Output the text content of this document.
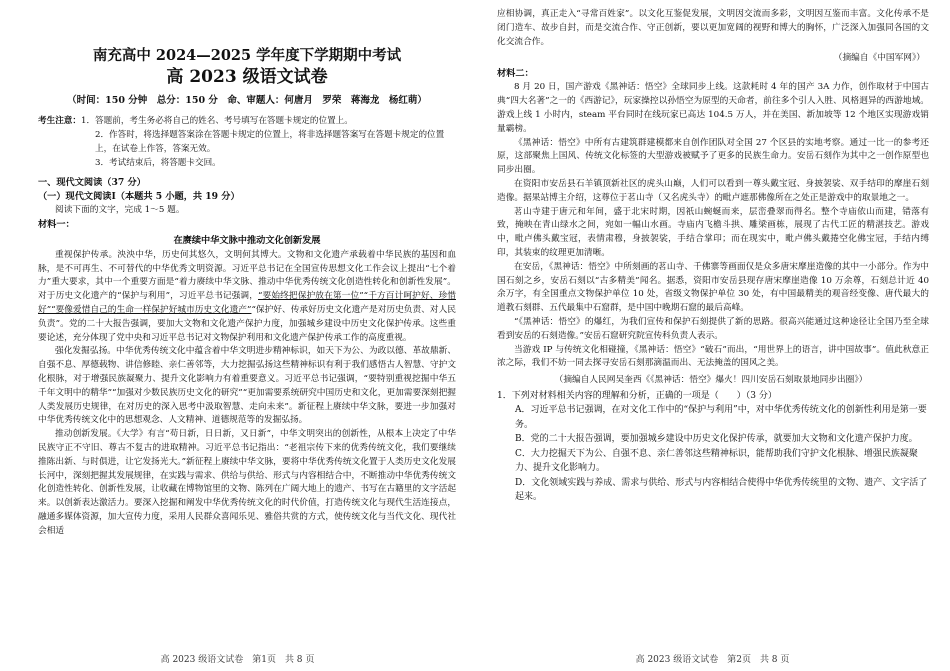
南充高中 2024—2025 学年度下学期期中考试

高 2023 级语文试卷

（时间：150 分钟　总分：150 分　命、审题人：何唐月　罗荣　蒋海龙　杨红萌）

考生注意：1．答题前，考生务必将自己的姓名、考号填写在答题卡规定的位置上。
2．作答时，将选择题答案涂在答题卡规定的位置上，将非选择题答案写在答题卡规定的位置上，在试卷上作答，答案无效。
3．考试结束后，将答题卡交回。

一、现代文阅读（37 分）

（一）现代文阅读Ⅰ（本题共 5 小题，共 19 分）

阅读下面的文字，完成 1～5 题。

材料一：

在赓续中华文脉中推动文化创新发展

重视保护传承。泱泱中华，历史何其悠久，文明何其博大。文物和文化遗产承载着中华民族的基因和血脉，是不可再生、不可替代的中华优秀文明资源。习近平总书记在全国宣传思想文化工作会议上提出“七个着力”重大要求，其中一个重要方面是“着力赓续中华文脉、推动中华优秀传统文化创造性转化和创新性发展”。对于历史文化遗产的“保护与利用”，习近平总书记强调，“要始终把保护放在第一位”“千方百计呵护好、珍惜好”“要像爱惜自己的生命一样保护好城市历史文化遗产”“保护好、传承好历史文化遗产是对历史负责、对人民负责”。党的二十大报告强调，要加大文物和文化遗产保护力度，加强城乡建设中历史文化保护传承。这些重要论述，充分体现了党中央和习近平总书记对文物保护利用和文化遗产保护传承工作的高度重视。

强化发掘弘扬。中华优秀传统文化中蕴含着中华文明进步精神标识，如天下为公、为政以德、革故鼎新、自强不息、厚德载物、讲信修睦、亲仁善邻等，大力挖掘弘扬这些精神标识有利于我们感悟古人智慧、守护文化根脉，对于增强民族凝聚力、提升文化影响力有着重要意义。习近平总书记强调，“要特别重视挖掘中华五千年文明中的精华”“加强对少数民族历史文化的研究”“更加需要系统研究中国历史和文化，更加需要深刻把握人类发展历史规律，在对历史的深入思考中汲取智慧、走向未来”。新征程上赓续中华文脉，要进一步加强对中华优秀传统文化中的思想观念、人文精神、道德规范等的发掘弘扬。

推动创新发展。《大学》有言“苟日新，日日新，又日新”，中华文明突出的创新性，从根本上决定了中华民族守正不守旧、尊古不复古的进取精神。习近平总书记指出：“老祖宗传下来的优秀传统文化，我们要继续推陈出新、与时俱进，让它发扬光大。”新征程上赓续中华文脉，要将中华优秀传统文化置于人类历史文化发展长河中，深刻把握其发展规律，在实践与需求、供给与供给、形式与内容相结合中，不断推动中华优秀传统文化创造性转化、创新性发展，让收藏在博物馆里的文物、陈列在广阔大地上的遗产、书写在古籍里的文字活起来。以创新表达激活力。要深入挖掘和阐发中华优秀传统文化的时代价值，打造传统文化与现代生活连接点，融通多媒体资源，加大宣传力度，采用人民群众喜闻乐见、雅俗共赏的方式，使传统文化与当代文化、现代社会相适

高 2023 级语文试卷　第1页　共 8 页

应相协调，真正走入“寻常百姓家”。以文化互鉴促发展，文明因交流而多彩，文明因互鉴而丰富。文化传承不是闭门造车、故步自封，而是交流合作、守正创新，要以更加宽阔的视野和博大的胸怀，广泛深入加强同各国的文化交流合作。

（摘编自《中国军网》）

材料二：

8 月 20 日，国产游戏《黑神话：悟空》全球同步上线。这款耗时 4 年的国产 3A 力作，创作取材于中国古典“四大名著”之一的《西游记》，玩家操控以孙悟空为原型的天命者，前往多个引人入胜、风格迥异的西游地域。游戏上线 1 小时内，steam 平台同时在线玩家已高达 104.5 万人，并在美国、新加坡等 12 个地区实现游戏销量霸榜。

《黑神话：悟空》中所有古建筑群建模都来自创作团队对全国 27 个区县的实地考察。通过一比一的参考还原，这部聚焦上国风、传统文化标签的大型游戏被赋予了更多的民族生命力。安岳石刻作为其中之一创作原型也同步出圈。

在资阳市安岳县石羊镇顶新社区的虎头山巅，人们可以看到一尊头戴宝冠、身披袈裟、双手结印的摩崖石刻造像。据果站博主介绍，这尊位于茗山寺（又名虎头寺）的毗卢遮那佛像所在之处正是游戏中的取景地之一。

茗山寺建于唐元和年间，盛于北宋时期，因祇山蜿蜒而来，层峦叠翠而得名。整个寺庙依山而建，错落有致，掩映在青山绿水之间，宛如一幅山水画。寺庙内飞檐斗拱、雕梁画栋，展现了古代工匠的精湛技艺。游戏中，毗卢佛头戴宝冠，表情肃穆，身披袈裟，手结合掌印；而在现实中，毗卢佛头戴捲空化佛宝冠，手结内缚印，其装束的纹理更加清晰。

在安岳，《黑神话：悟空》中所刻画的茗山寺、千佛寨等画面仅是众多唐宋摩崖造像的其中一小部分。作为中国石刻之乡，安岳石刻以“古多精美”闻名。据悉，资阳市安岳县现存唐宋摩崖造像 10 万余尊，石刻总计近 40 余万字，有全国重点文物保护单位 10 处，省级文物保护单位 30 处，有中国最精美的观音经变像、唐代最大的道教石刻群、五代最集中石窟群，是中国中晚期石窟的最后高峰。

“《黑神话：悟空》的爆红，为我们宣传和保护石刻提供了新的思路。很高兴能通过这种途径让全国乃至全球看到安岳的石刻造像。”安岳石窟研究院宣传科负责人表示。

当游戏 IP 与传统文化相碰撞，《黑神话：悟空》“破石”而出，“用世界上的语言，讲中国故事”。值此秋意正浓之际，我们不妨一同去探寻安岳石刻那滴温而出、无法掩盖的国风之美。

（摘编自人民网吴奎西《《黑神话：悟空》爆火！四川安岳石刻取景地同步出圈》）

1．下列对材料相关内容的理解和分析，正确的一项是（　　）（3 分）

A．习近平总书记强调，在对文化工作中的“保护与利用”中，对中华优秀传统文化的创新性利用是第一要务。

B．党的二十大报告强调，要加强城乡建设中历史文化保护传承，就要加大文物和文化遗产保护力度。

C．大力挖掘天下为公、自强不息、亲仁善邻这些精神标识，能帮助我们守护文化根脉、增强民族凝聚力、提升文化影响力。

D．文化领域实践与养成、需求与供给、形式与内容相结合使得中华优秀传统里的文物、遗产、文字活了起来。

高 2023 级语文试卷　第2页　共 8 页
